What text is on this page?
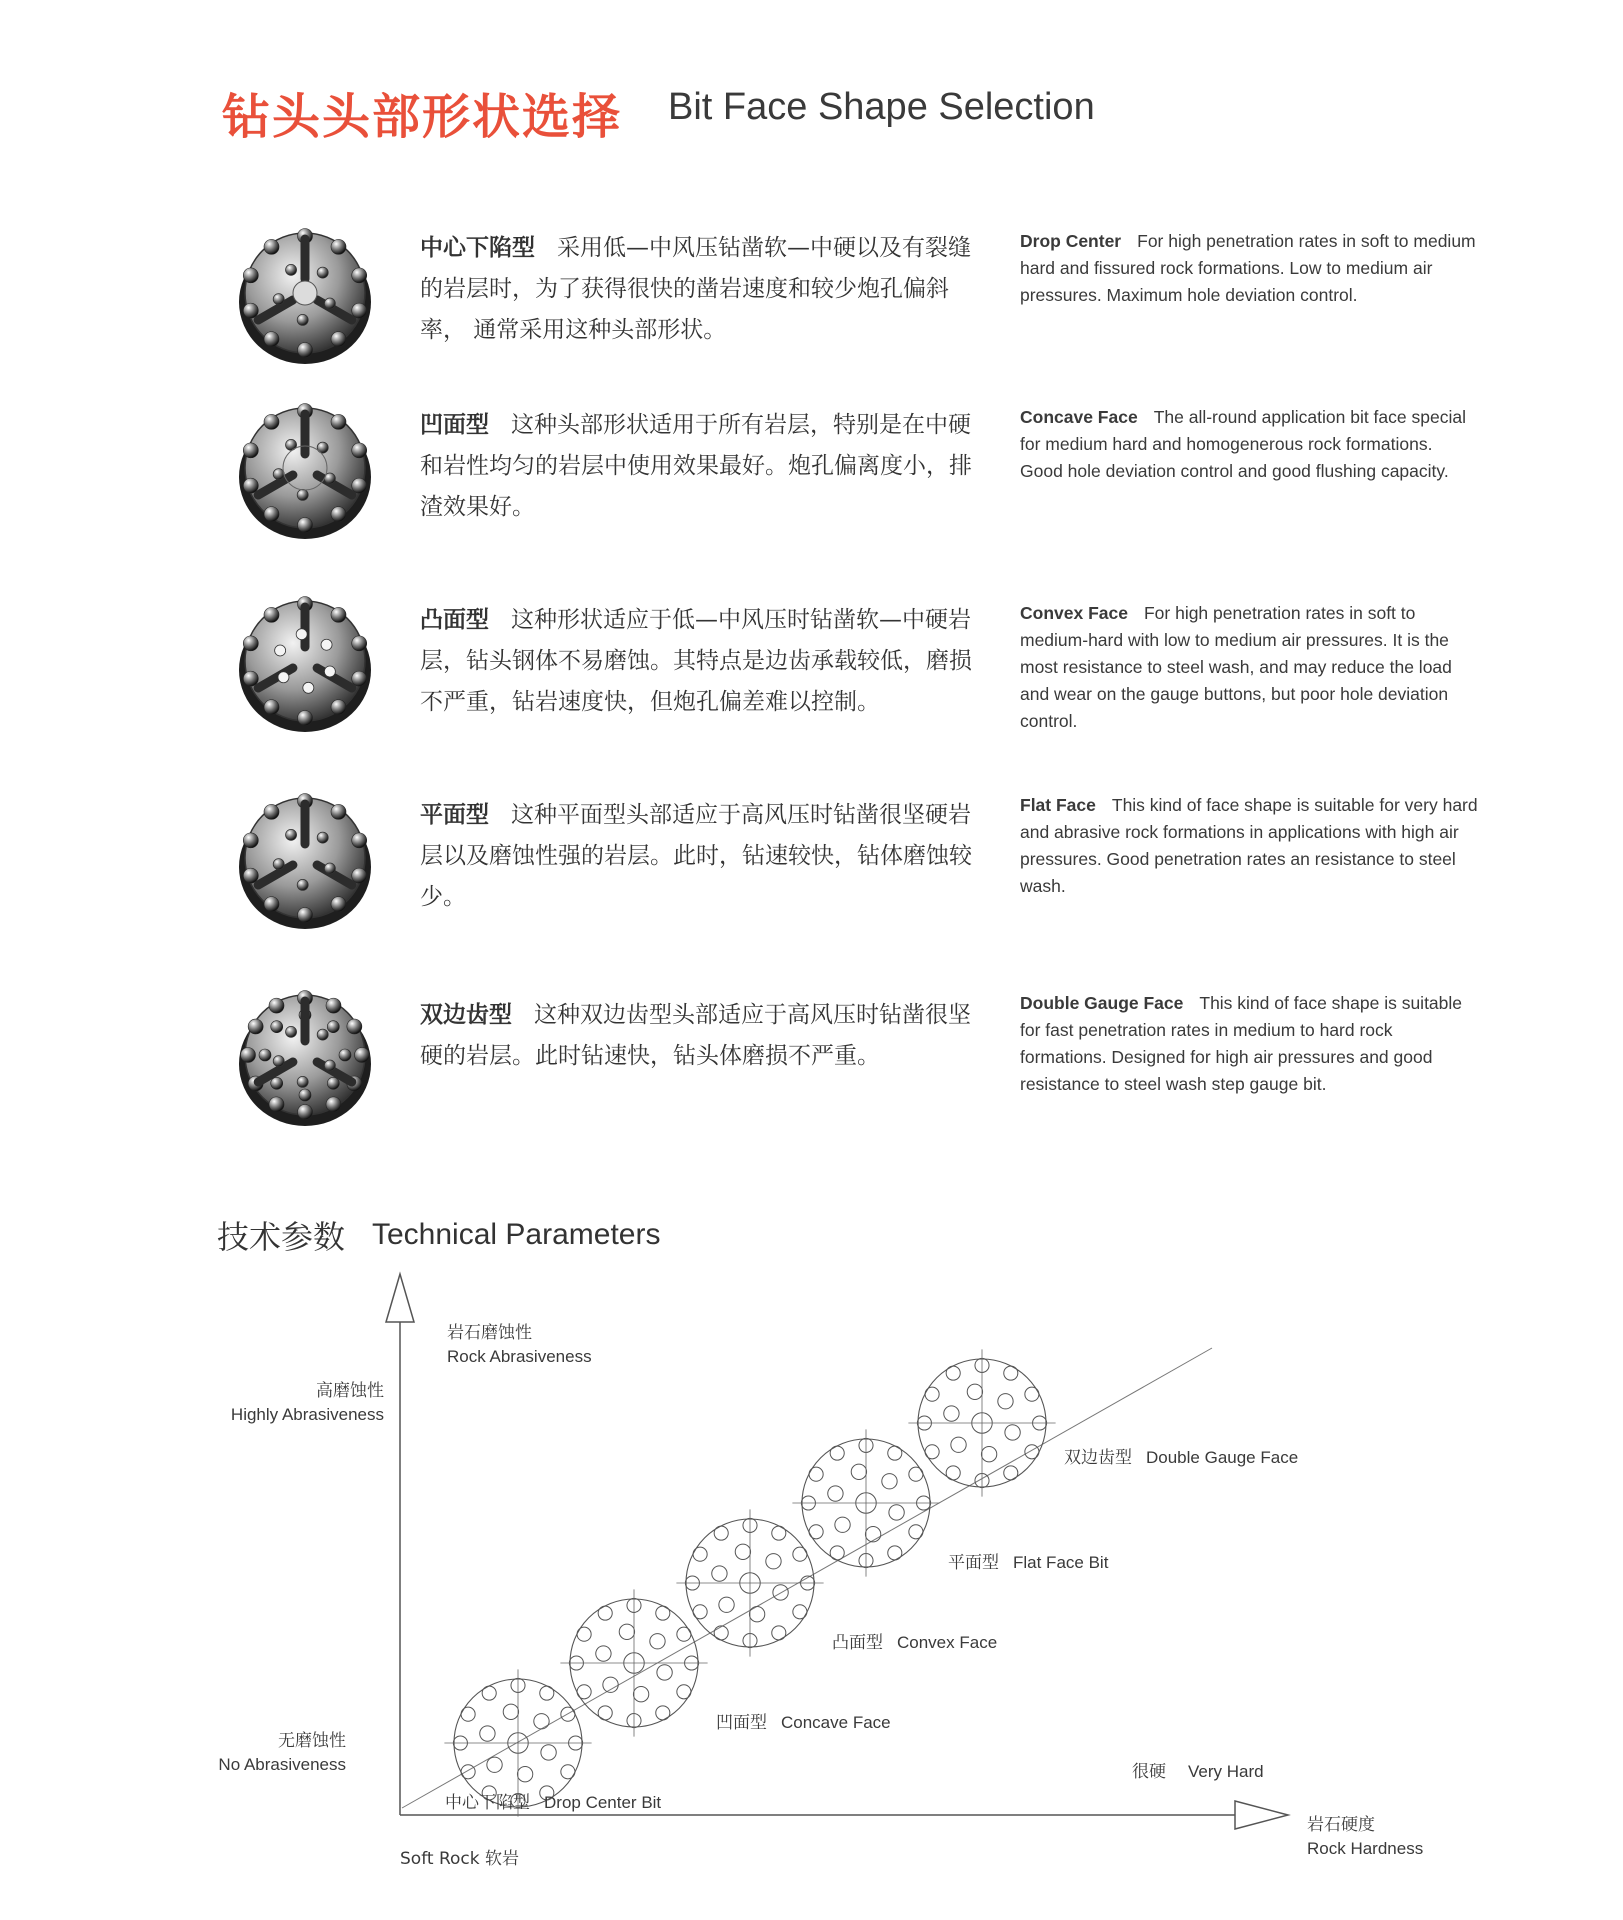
钻头头部形状选择 Bit Face Shape Selection
中心下陷型 采用低—中风压钻凿软—中硬以及有裂缝的岩层时，为了获得很快的凿岩速度和较少炮孔偏斜率， 通常采用这种头部形状。
Drop Center For high penetration rates in soft to medium hard and fissured rock formations. Low to medium air pressures. Maximum hole deviation control.
凹面型 这种头部形状适用于所有岩层，特别是在中硬和岩性均匀的岩层中使用效果最好。炮孔偏离度小，排渣效果好。
Concave Face The all-round application bit face special for medium hard and homogenerous rock formations. Good hole deviation control and good flushing capacity.
凸面型 这种形状适应于低—中风压时钻凿软—中硬岩层，钻头钢体不易磨蚀。其特点是边齿承载较低，磨损不严重，钻岩速度快，但炮孔偏差难以控制。
Convex Face For high penetration rates in soft to medium-hard with low to medium air pressures. It is the most resistance to steel wash, and may reduce the load and wear on the gauge buttons, but poor hole deviation control.
平面型 这种平面型头部适应于高风压时钻凿很坚硬岩层以及磨蚀性强的岩层。此时，钻速较快，钻体磨蚀较少。
Flat Face This kind of face shape is suitable for very hard and abrasive rock formations in applications with high air pressures. Good penetration rates an resistance to steel wash.
双边齿型 这种双边齿型头部适应于高风压时钻凿很坚硬的岩层。此时钻速快，钻头体磨损不严重。
Double Gauge Face This kind of face shape is suitable for fast penetration rates in medium to hard rock formations. Designed for high air pressures and good resistance to steel wash step gauge bit.
技术参数 Technical Parameters
岩石磨蚀性
Rock Abrasiveness
高磨蚀性
Highly Abrasiveness
无磨蚀性
No Abrasiveness
Soft Rock 软岩
很硬 Very Hard
岩石硬度
Rock Hardness
中心下陷型 Drop Center Bit
凹面型 Concave Face
凸面型 Convex Face
平面型 Flat Face Bit
双边齿型 Double Gauge Face
